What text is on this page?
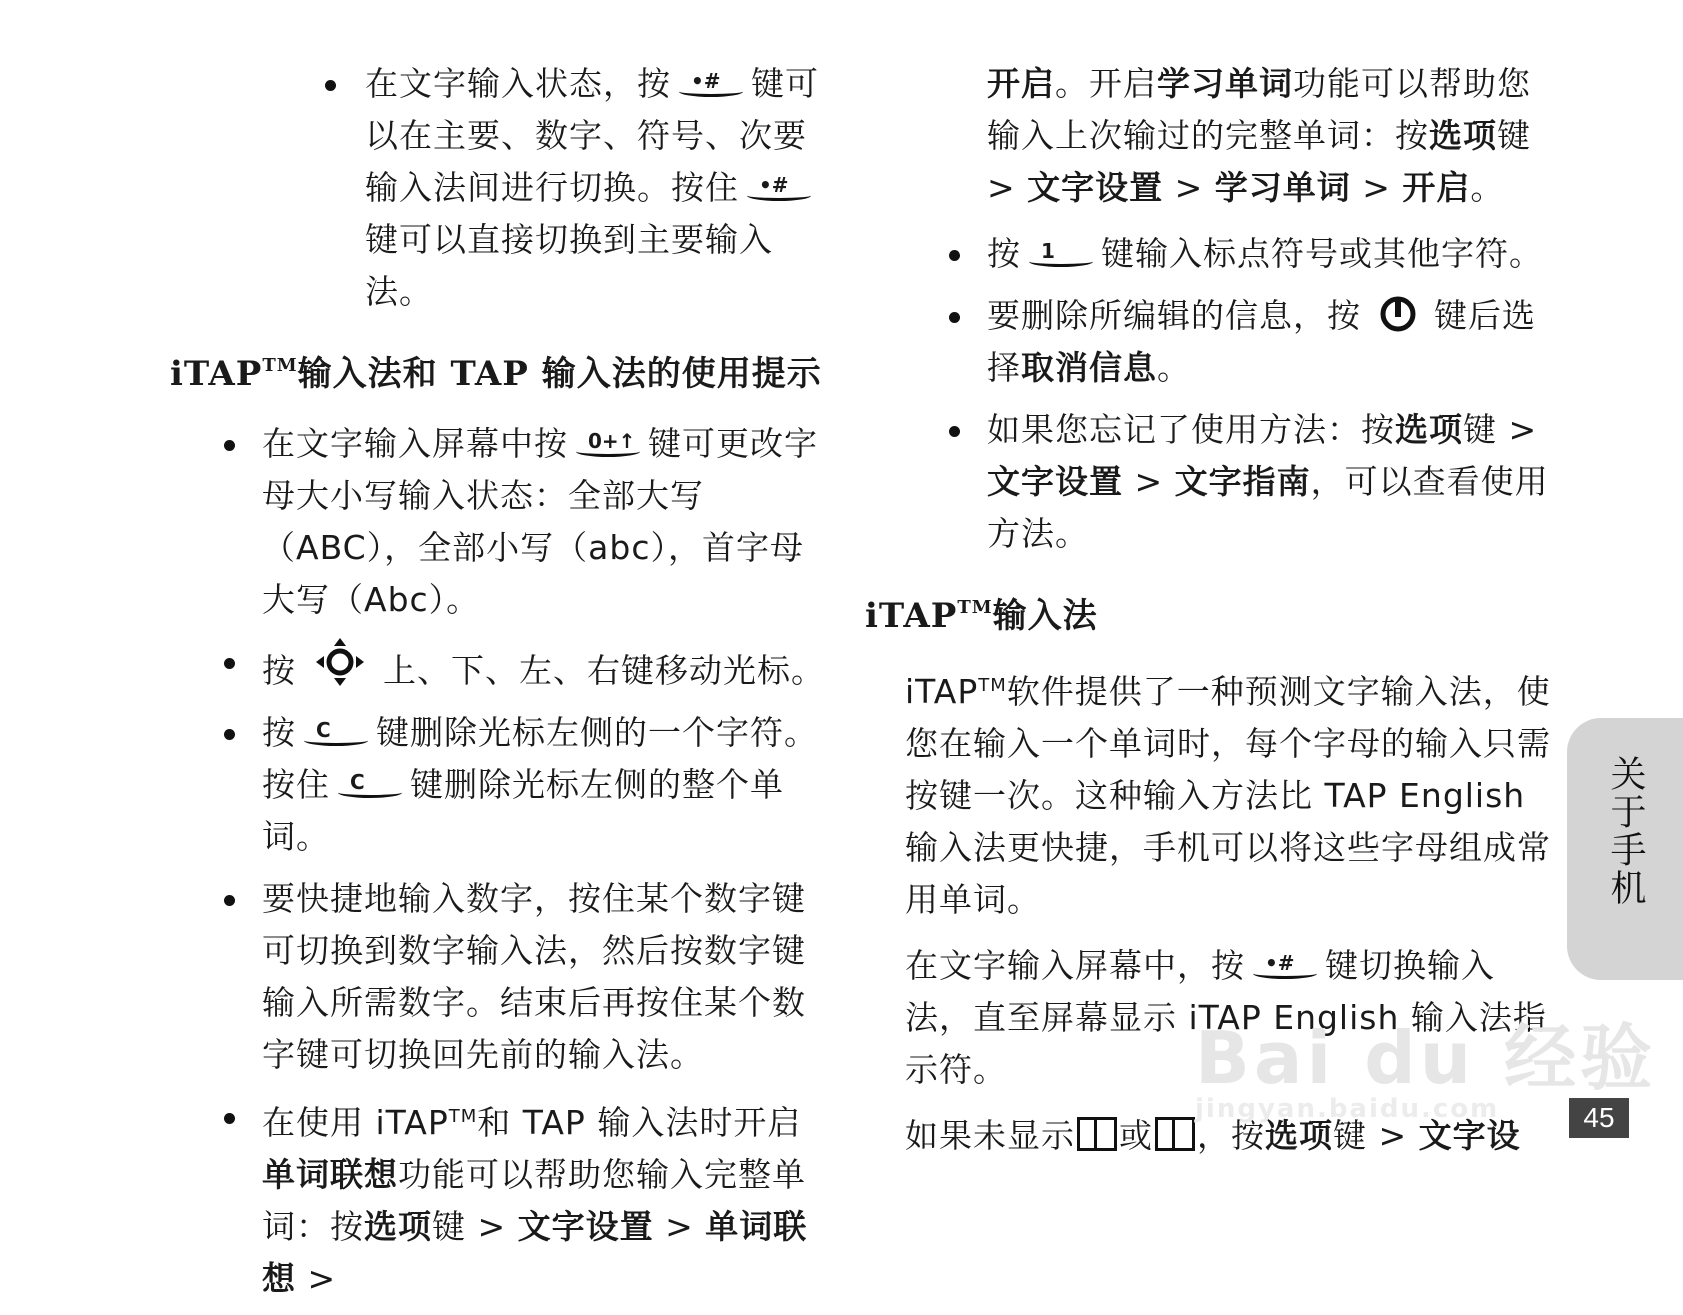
在文字输入状态，按 •# 键可以在主要、数字、符号、次要输入法间进行切换。按住 •#
键可以直接切换到主要输入法。
iTAP™输入法和 TAP 输入法的使用提示
在文字输入屏幕中按 0+↑ 键可更改字母大小写输入状态：全部大写（ABC），全部小写（abc），首字母大写（Abc）。
按	上、下、左、右键移动光标。
按 C 键删除光标左侧的一个字符。按住 C 键删除光标左侧的整个单词。
要快捷地输入数字，按住某个数字键可切换到数字输入法，然后按数字键输入所需数字。结束后再按住某个数字键可切换回先前的输入法。
在使用 iTAP™和 TAP 输入法时开启单词联想功能可以帮助您输入完整单词：按选项键 > 文字设置 > 单词联想 >
开启。开启学习单词功能可以帮助您输入上次输过的完整单词：按选项键 > 文字设置 > 学习单词 > 开启。
按 1 键输入标点符号或其他字符。
要删除所编辑的信息，按 键后选择取消信息。
如果您忘记了使用方法：按选项键 > 文字设置 > 文字指南，可以查看使用方法。
iTAP™输入法
iTAP™软件提供了一种预测文字输入法，使您在输入一个单词时，每个字母的输入只需按键一次。这种输入方法比 TAP English 输入法更快捷，手机可以将这些字母组成常用单词。
在文字输入屏幕中，按 •# 键切换输入法，直至屏幕显示 iTAP English 输入法指示符。
如果未显示 或 ，按选项键 > 文字设
关于手机
45
Bai du 经验
jingyan.baidu.com
